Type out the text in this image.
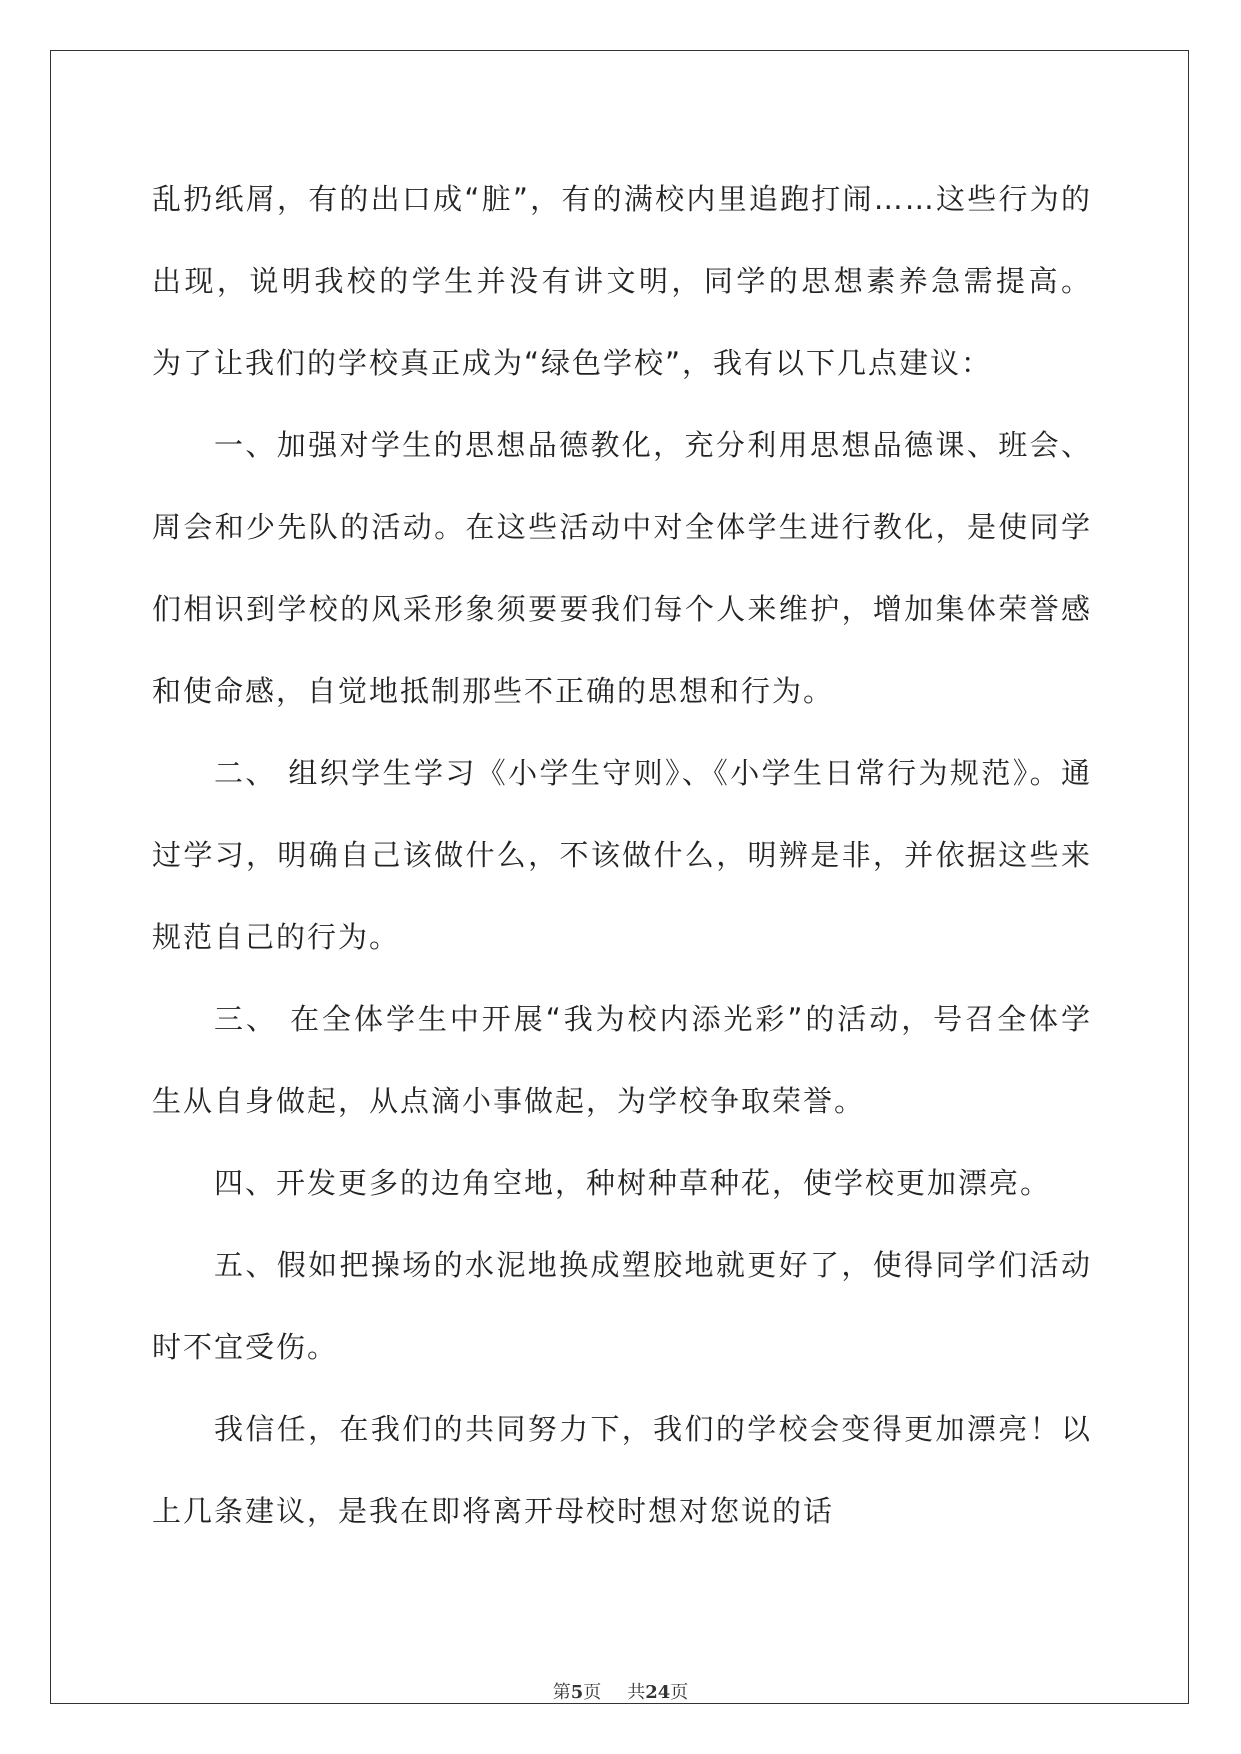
乱扔纸屑，有的出口成“脏”，有的满校内里追跑打闹……这些行为的出现，说明我校的学生并没有讲文明，同学的思想素养急需提高。 为了让我们的学校真正成为“绿色学校”，我有以下几点建议：

一、加强对学生的思想品德教化，充分利用思想品德课、班会、周会和少先队的活动。在这些活动中对全体学生进行教化，是使同学们相识到学校的风采形象须要要我们每个人来维护，增加集体荣誉感和使命感，自觉地抵制那些不正确的思想和行为。

二、 组织学生学习《小学生守则》、《小学生日常行为规范》。通过学习，明确自己该做什么，不该做什么，明辨是非，并依据这些来规范自己的行为。

三、 在全体学生中开展“我为校内添光彩”的活动，号召全体学生从自身做起，从点滴小事做起，为学校争取荣誉。

四、开发更多的边角空地，种树种草种花，使学校更加漂亮。

五、假如把操场的水泥地换成塑胶地就更好了，使得同学们活动时不宜受伤。

我信任，在我们的共同努力下，我们的学校会变得更加漂亮！以上几条建议，是我在即将离开母校时想对您说的话

第5页 共24页
